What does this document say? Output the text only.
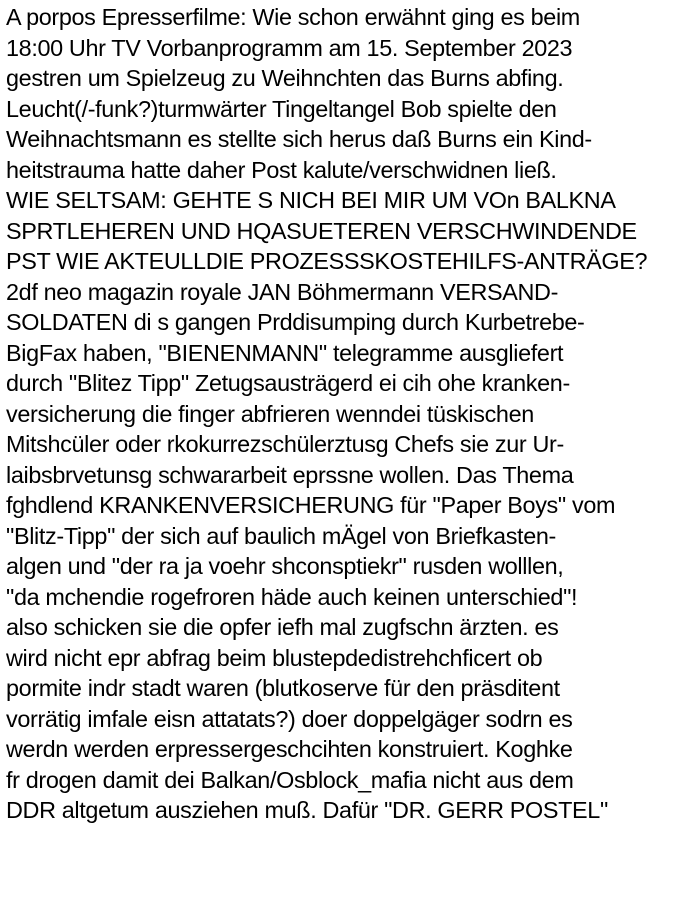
A porpos Epresserfilme: Wie schon erwähnt ging es beim
18:00 Uhr TV Vorbanprogramm am 15. September 2023
gestren um Spielzeug zu Weihnchten das Burns abfing.
Leucht(/-funk?)turmwärter Tingeltangel Bob spielte den
Weihnachtsmann es stellte sich herus daß Burns ein Kind-
heitstrauma hatte daher Post kalute/verschwidnen ließ.
WIE SELTSAM: GEHTE S NICH BEI MIR UM VOn BALKNA
SPRTLEHEREN UND HQASUETEREN VERSCHWINDENDE
PST WIE AKTEULLDIE PROZESSSKOSTEHILFS-ANTRÄGE?
2df neo magazin royale JAN Böhmermann VERSAND-
SOLDATEN di s gangen Prddisumping durch Kurbetrebe-
BigFax haben, "BIENENMANN" telegramme ausgliefert
durch "Blitez Tipp" Zetugsausträgerd ei cih ohe kranken-
versicherung die finger abfrieren wenndei tüskischen
Mitshcüler oder rkokurrezschülerztusg Chefs sie zur Ur-
laibsbrvetunsg schwararbeit eprssne wollen. Das Thema
fghdlend KRANKENVERSICHERUNG für "Paper Boys" vom
"Blitz-Tipp" der sich auf baulich mÄgel von Briefkasten-
algen und "der ra ja voehr shconsptiekr" rusden wolllen,
"da mchendie rogefroren häde auch keinen unterschied"!
also schicken sie die opfer iefh mal zugfschn ärzten. es
wird nicht epr abfrag beim blustepdedistrehchficert ob
pormite indr stadt waren (blutkoserve für den präsditent
vorrätig imfale eisn attatats?) doer doppelgäger sodrn es
werdn werden erpressergeschcihten konstruiert. Koghke
fr drogen damit dei Balkan/Osblock_mafia nicht aus dem
DDR altgetum ausziehen muß. Dafür "DR. GERR POSTEL"
